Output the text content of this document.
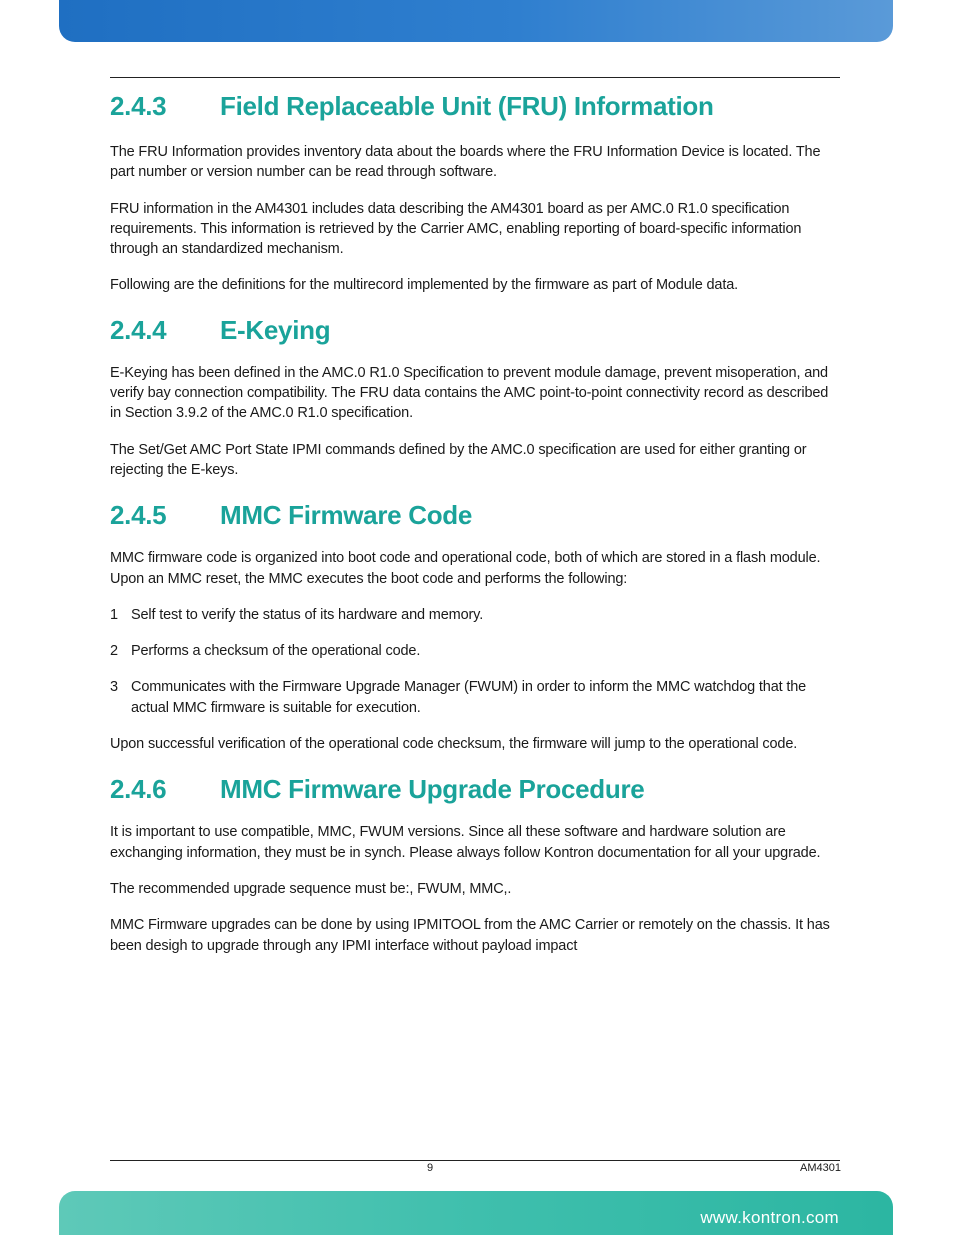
2.4.3	Field Replaceable Unit (FRU) Information

The FRU Information provides inventory data about the boards where the FRU Information Device is located. The part number or version number can be read through software.

FRU information in the AM4301 includes data describing the AM4301 board as per AMC.0 R1.0 specification requirements. This information is retrieved by the Carrier AMC, enabling reporting of board-specific information through an standardized mechanism.

Following are the definitions for the multirecord implemented by the firmware as part of Module data.

2.4.4	E-Keying

E-Keying has been defined in the AMC.0 R1.0 Specification to prevent module damage, prevent misoperation, and verify bay connection compatibility. The FRU data contains the AMC point-to-point connectivity record as described in Section 3.9.2 of the AMC.0 R1.0 specification.

The Set/Get AMC Port State IPMI commands defined by the AMC.0 specification are used for either granting or rejecting the E-keys.

2.4.5	MMC Firmware Code

MMC firmware code is organized into boot code and operational code, both of which are stored in a flash module. Upon an MMC reset, the MMC executes the boot code and performs the following:

1 Self test to verify the status of its hardware and memory.
2 Performs a checksum of the operational code.
3 Communicates with the Firmware Upgrade Manager (FWUM) in order to inform the MMC watchdog that the actual MMC firmware is suitable for execution.

Upon successful verification of the operational code checksum, the firmware will jump to the operational code.

2.4.6	MMC Firmware Upgrade Procedure

It is important to use compatible, MMC, FWUM versions. Since all these software and hardware solution are exchanging information, they must be in synch. Please always follow Kontron documentation for all your upgrade.

The recommended upgrade sequence must be:, FWUM, MMC,.

MMC Firmware upgrades can be done by using IPMITOOL from the AMC Carrier or remotely on the chassis. It has been desigh to upgrade through any IPMI interface without payload impact

9	AM4301
www.kontron.com
